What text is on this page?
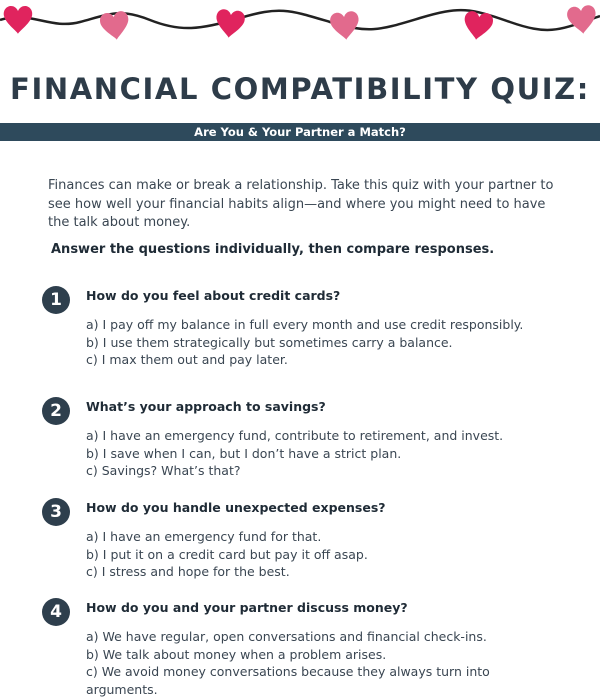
FINANCIAL COMPATIBILITY QUIZ:
Are You & Your Partner a Match?
Finances can make or break a relationship. Take this quiz with your partner to see how well your financial habits align—and where you might need to have the talk about money.
Answer the questions individually, then compare responses.
1	How do you feel about credit cards?
a) I pay off my balance in full every month and use credit responsibly.
b) I use them strategically but sometimes carry a balance.
c) I max them out and pay later.
2	What’s your approach to savings?
a) I have an emergency fund, contribute to retirement, and invest.
b) I save when I can, but I don’t have a strict plan.
c) Savings? What’s that?
3	How do you handle unexpected expenses?
a) I have an emergency fund for that.
b) I put it on a credit card but pay it off asap.
c) I stress and hope for the best.
4	How do you and your partner discuss money?
a) We have regular, open conversations and financial check-ins.
b) We talk about money when a problem arises.
c) We avoid money conversations because they always turn into arguments.
